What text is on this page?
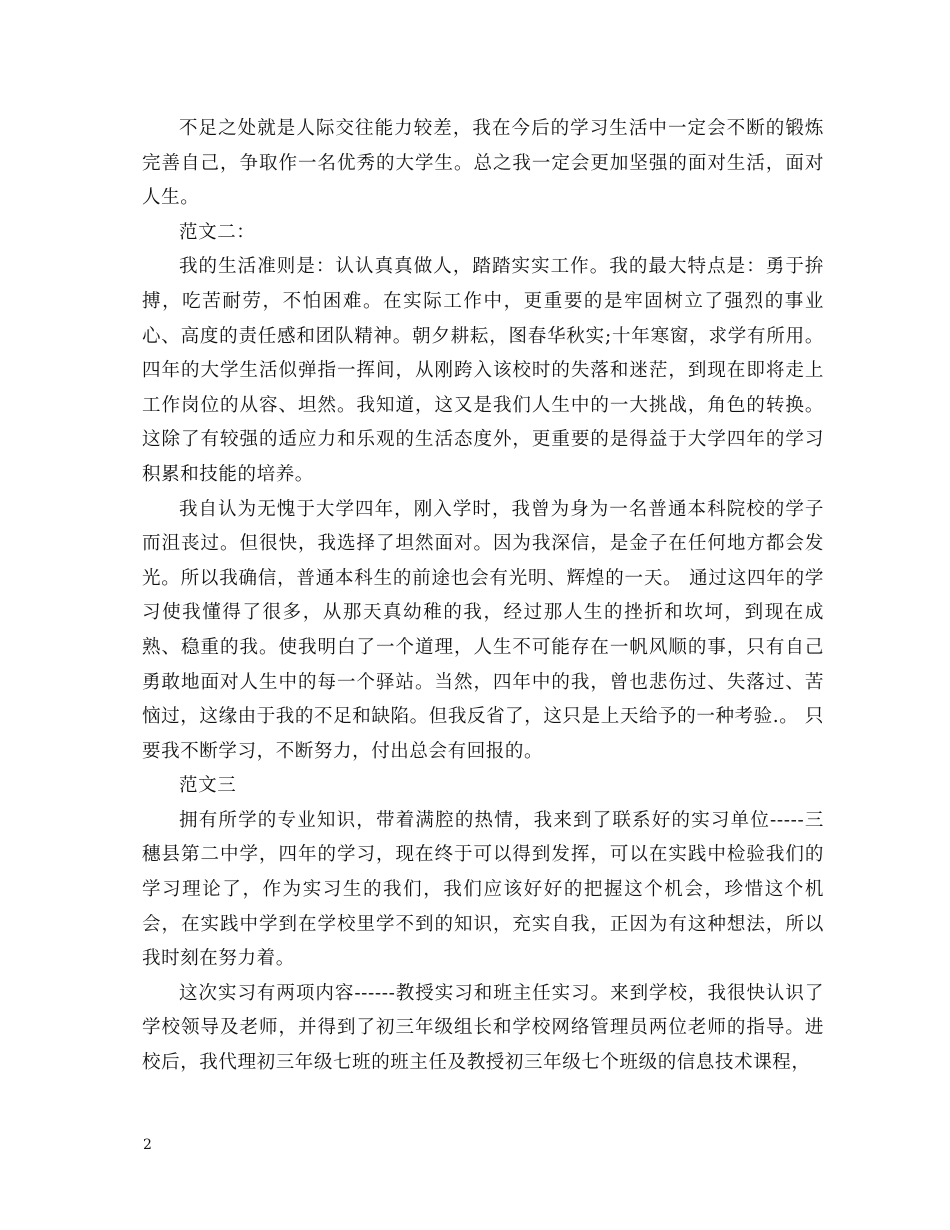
不足之处就是人际交往能力较差，我在今后的学习生活中一定会不断的锻炼完善自己，争取作一名优秀的大学生。总之我一定会更加坚强的面对生活，面对人生。

范文二：

我的生活准则是：认认真真做人，踏踏实实工作。我的最大特点是：勇于拚搏，吃苦耐劳，不怕困难。在实际工作中，更重要的是牢固树立了强烈的事业心、高度的责任感和团队精神。朝夕耕耘，图春华秋实;十年寒窗，求学有所用。 四年的大学生活似弹指一挥间，从刚跨入该校时的失落和迷茫，到现在即将走上工作岗位的从容、坦然。我知道，这又是我们人生中的一大挑战，角色的转换。这除了有较强的适应力和乐观的生活态度外，更重要的是得益于大学四年的学习积累和技能的培养。

我自认为无愧于大学四年，刚入学时，我曾为身为一名普通本科院校的学子而沮丧过。但很快，我选择了坦然面对。因为我深信，是金子在任何地方都会发光。所以我确信，普通本科生的前途也会有光明、辉煌的一天。 通过这四年的学习使我懂得了很多，从那天真幼稚的我，经过那人生的挫折和坎坷，到现在成熟、稳重的我。使我明白了一个道理，人生不可能存在一帆风顺的事，只有自己勇敢地面对人生中的每一个驿站。当然，四年中的我，曾也悲伤过、失落过、苦恼过，这缘由于我的不足和缺陷。但我反省了，这只是上天给予的一种考验.。 只要我不断学习，不断努力，付出总会有回报的。

范文三

拥有所学的专业知识，带着满腔的热情，我来到了联系好的实习单位-----三穗县第二中学，四年的学习，现在终于可以得到发挥，可以在实践中检验我们的学习理论了，作为实习生的我们，我们应该好好的把握这个机会，珍惜这个机会，在实践中学到在学校里学不到的知识，充实自我，正因为有这种想法，所以我时刻在努力着。

这次实习有两项内容------教授实习和班主任实习。来到学校，我很快认识了学校领导及老师，并得到了初三年级组长和学校网络管理员两位老师的指导。进校后，我代理初三年级七班的班主任及教授初三年级七个班级的信息技术课程，

2
